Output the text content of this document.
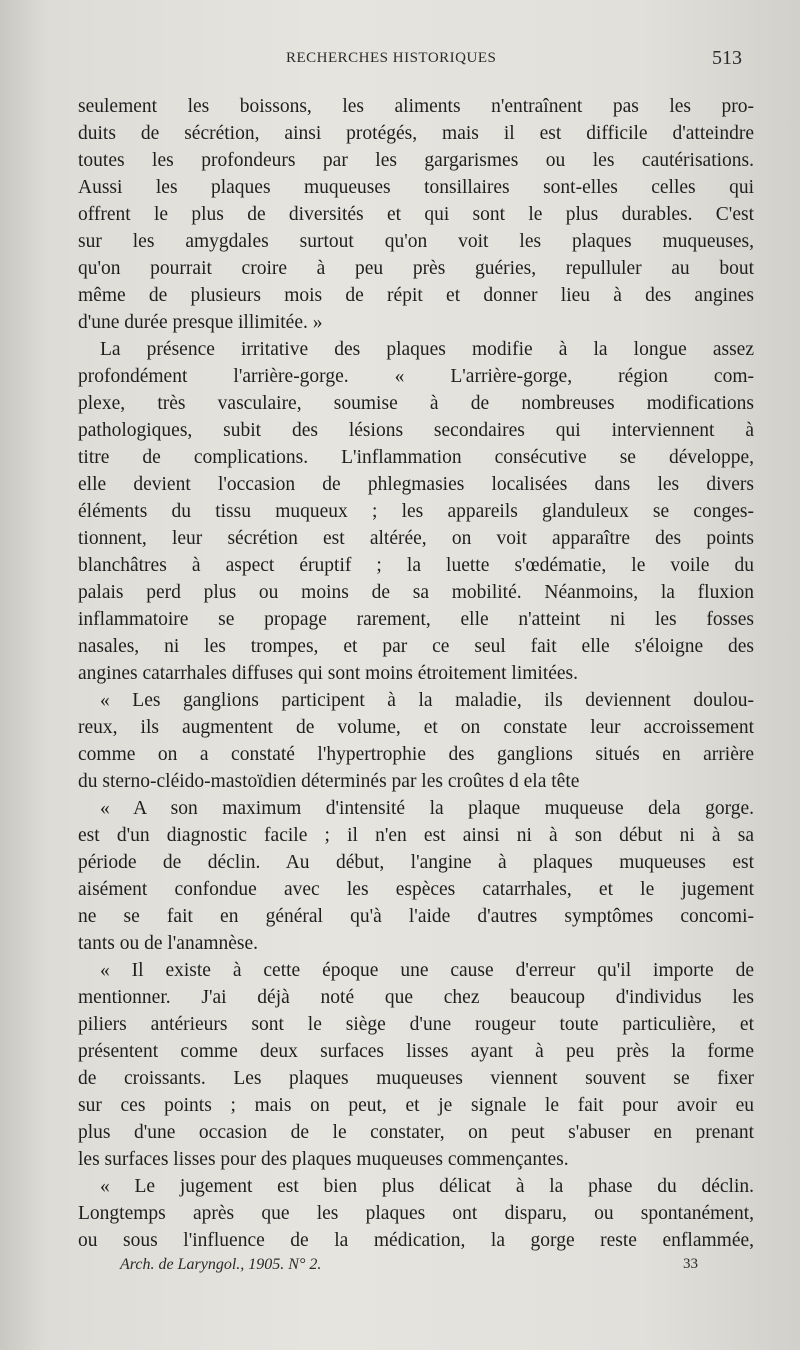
RECHERCHES HISTORIQUES	513
seulement les boissons, les aliments n'entraînent pas les pro-
duits de sécrétion, ainsi protégés, mais il est difficile d'atteindre
toutes les profondeurs par les gargarismes ou les cautérisations.
Aussi les plaques muqueuses tonsillaires sont-elles celles qui
offrent le plus de diversités et qui sont le plus durables. C'est
sur les amygdales surtout qu'on voit les plaques muqueuses,
qu'on pourrait croire à peu près guéries, repulluler au bout
même de plusieurs mois de répit et donner lieu à des angines
d'une durée presque illimitée. »
La présence irritative des plaques modifie à la longue assez
profondément l'arrière-gorge. « L'arrière-gorge, région com-
plexe, très vasculaire, soumise à de nombreuses modifications
pathologiques, subit des lésions secondaires qui interviennent à
titre de complications. L'inflammation consécutive se développe,
elle devient l'occasion de phlegmasies localisées dans les divers
éléments du tissu muqueux ; les appareils glanduleux se conges-
tionnent, leur sécrétion est altérée, on voit apparaître des points
blanchâtres à aspect éruptif ; la luette s'œdématie, le voile du
palais perd plus ou moins de sa mobilité. Néanmoins, la fluxion
inflammatoire se propage rarement, elle n'atteint ni les fosses
nasales, ni les trompes, et par ce seul fait elle s'éloigne des
angines catarrhales diffuses qui sont moins étroitement limitées.
« Les ganglions participent à la maladie, ils deviennent doulou-
reux, ils augmentent de volume, et on constate leur accroissement
comme on a constaté l'hypertrophie des ganglions situés en arrière
du sterno-cléido-mastoïdien déterminés par les croûtes d ela tête
« A son maximum d'intensité la plaque muqueuse dela gorge.
est d'un diagnostic facile ; il n'en est ainsi ni à son début ni à sa
période de déclin. Au début, l'angine à plaques muqueuses est
aisément confondue avec les espèces catarrhales, et le jugement
ne se fait en général qu'à l'aide d'autres symptômes concomi-
tants ou de l'anamnèse.
« Il existe à cette époque une cause d'erreur qu'il importe de
mentionner. J'ai déjà noté que chez beaucoup d'individus les
piliers antérieurs sont le siège d'une rougeur toute particulière, et
présentent comme deux surfaces lisses ayant à peu près la forme
de croissants. Les plaques muqueuses viennent souvent se fixer
sur ces points ; mais on peut, et je signale le fait pour avoir eu
plus d'une occasion de le constater, on peut s'abuser en prenant
les surfaces lisses pour des plaques muqueuses commençantes.
« Le jugement est bien plus délicat à la phase du déclin.
Longtemps après que les plaques ont disparu, ou spontanément,
ou sous l'influence de la médication, la gorge reste enflammée,
Arch. de Laryngol., 1905. N° 2.	33
